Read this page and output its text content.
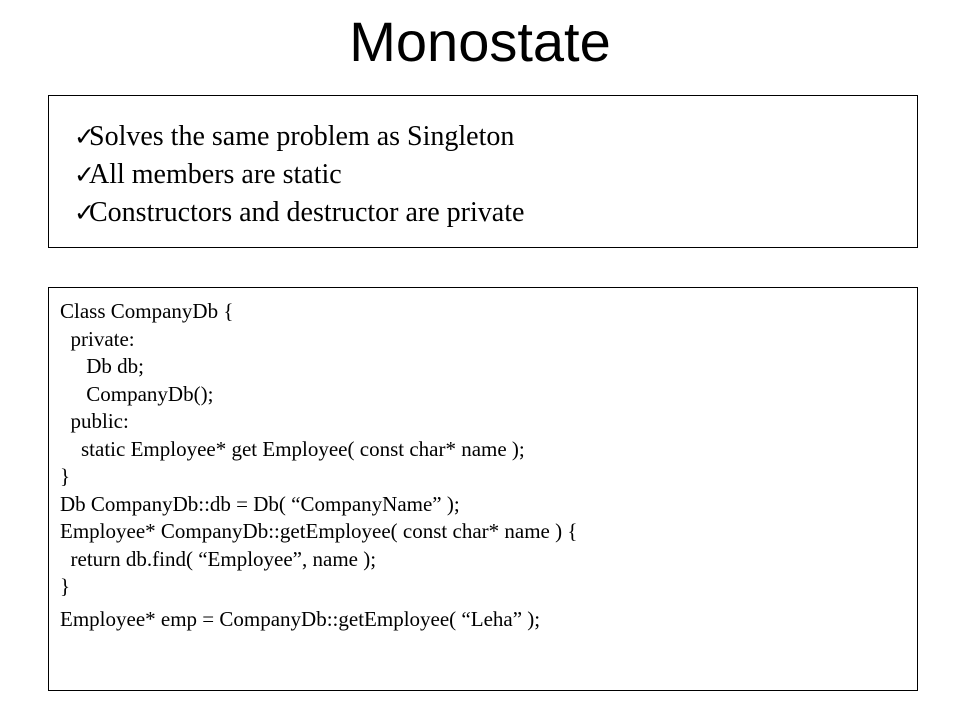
Monostate
✓
Solves the same problem as Singleton
✓
All members are static
✓
Constructors and destructor are private
Class CompanyDb {
private:
Db db;
CompanyDb();
public:
static Employee* get Employee( const char* name );
}
Db CompanyDb::db = Db( “CompanyName” );
Employee* CompanyDb::getEmployee( const char* name ) {
return db.find( “Employee”, name );
}
Employee* emp = CompanyDb::getEmployee( “Leha” );
